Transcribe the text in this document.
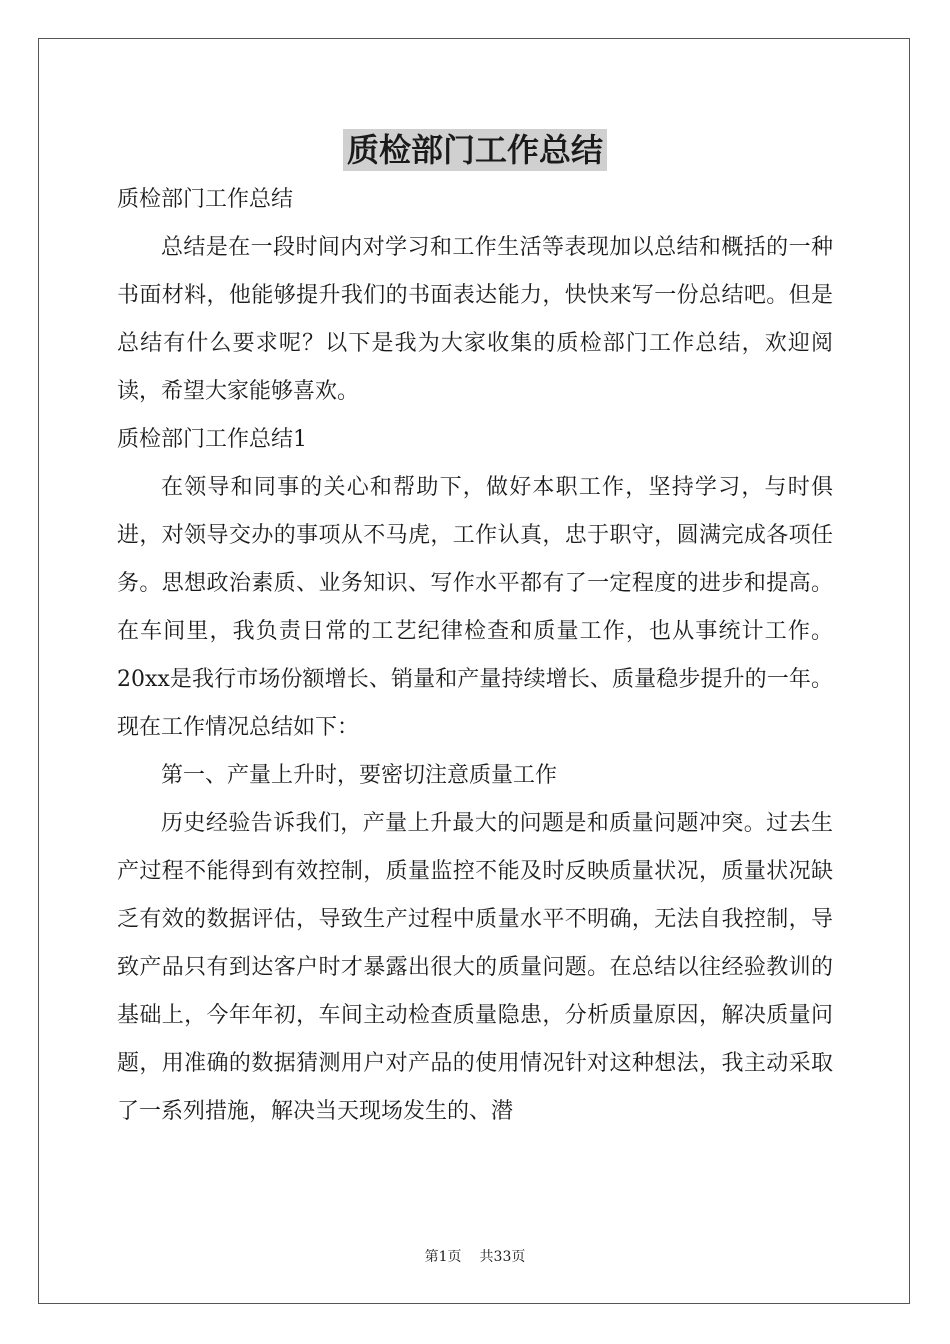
质检部门工作总结

质检部门工作总结

总结是在一段时间内对学习和工作生活等表现加以总结和概括的一种书面材料，他能够提升我们的书面表达能力，快快来写一份总结吧。但是总结有什么要求呢？以下是我为大家收集的质检部门工作总结，欢迎阅读，希望大家能够喜欢。

质检部门工作总结1

在领导和同事的关心和帮助下，做好本职工作，坚持学习，与时俱进，对领导交办的事项从不马虎，工作认真，忠于职守，圆满完成各项任务。思想政治素质、业务知识、写作水平都有了一定程度的进步和提高。在车间里，我负责日常的工艺纪律检查和质量工作，也从事统计工作。20xx是我行市场份额增长、销量和产量持续增长、质量稳步提升的一年。现在工作情况总结如下：

第一、产量上升时，要密切注意质量工作

历史经验告诉我们，产量上升最大的问题是和质量问题冲突。过去生产过程不能得到有效控制，质量监控不能及时反映质量状况，质量状况缺乏有效的数据评估，导致生产过程中质量水平不明确，无法自我控制，导致产品只有到达客户时才暴露出很大的质量问题。在总结以往经验教训的基础上，今年年初，车间主动检查质量隐患，分析质量原因，解决质量问题，用准确的数据猜测用户对产品的使用情况针对这种想法，我主动采取了一系列措施，解决当天现场发生的、潜

第1页 共33页
